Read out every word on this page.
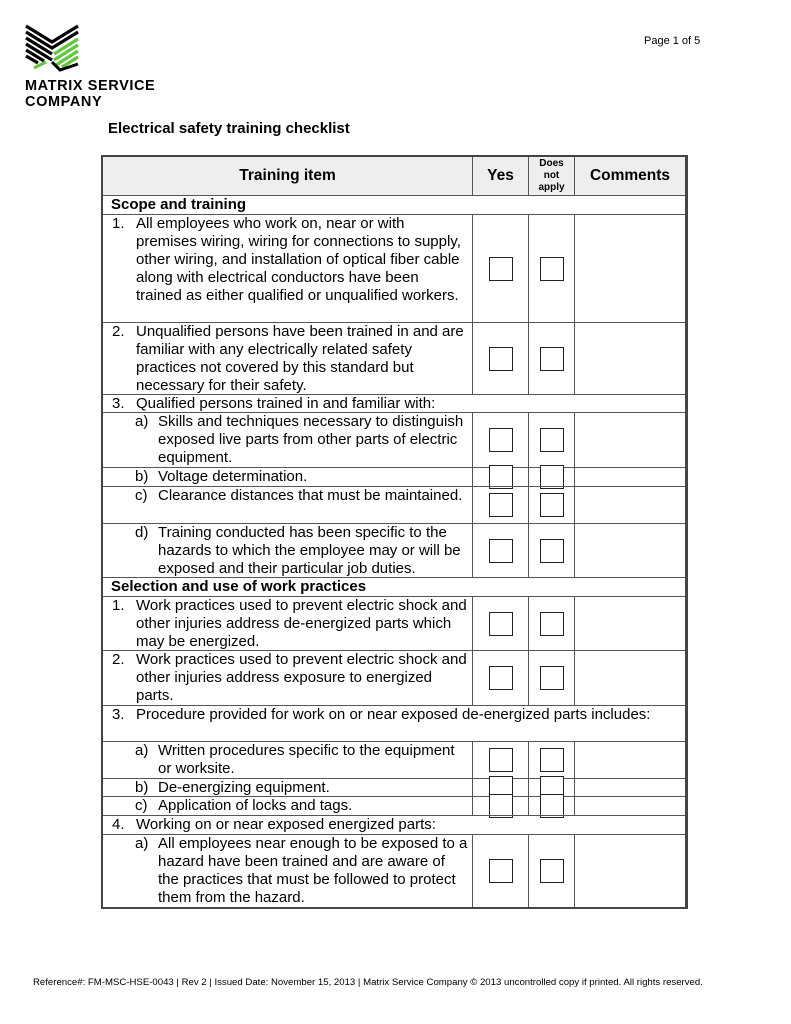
MATRIX SERVICE
COMPANY
Page 1 of 5
Electrical safety training checklist
Training item	Yes
Does
not
apply
Comments
Scope and training
1. All employees who work on, near or with premises wiring, wiring for connections to supply, other wiring, and installation of optical fiber cable along with electrical conductors have been trained as either qualified or unqualified workers.
2. Unqualified persons have been trained in and are familiar with any electrically related safety practices not covered by this standard but necessary for their safety.
3. Qualified persons trained in and familiar with:
a) Skills and techniques necessary to distinguish exposed live parts from other parts of electric equipment.
b) Voltage determination.
c) Clearance distances that must be maintained.
d) Training conducted has been specific to the hazards to which the employee may or will be exposed and their particular job duties.
Selection and use of work practices
1. Work practices used to prevent electric shock and other injuries address de-energized parts which may be energized.
2. Work practices used to prevent electric shock and other injuries address exposure to energized parts.
3. Procedure provided for work on or near exposed de-energized parts includes:
a) Written procedures specific to the equipment or worksite.
b) De-energizing equipment.
c) Application of locks and tags.
4. Working on or near exposed energized parts:
a) All employees near enough to be exposed to a hazard have been trained and are aware of the practices that must be followed to protect them from the hazard.
Reference#: FM-MSC-HSE-0043 | Rev 2 | Issued Date: November 15, 2013 | Matrix Service Company © 2013 uncontrolled copy if printed. All rights reserved.
